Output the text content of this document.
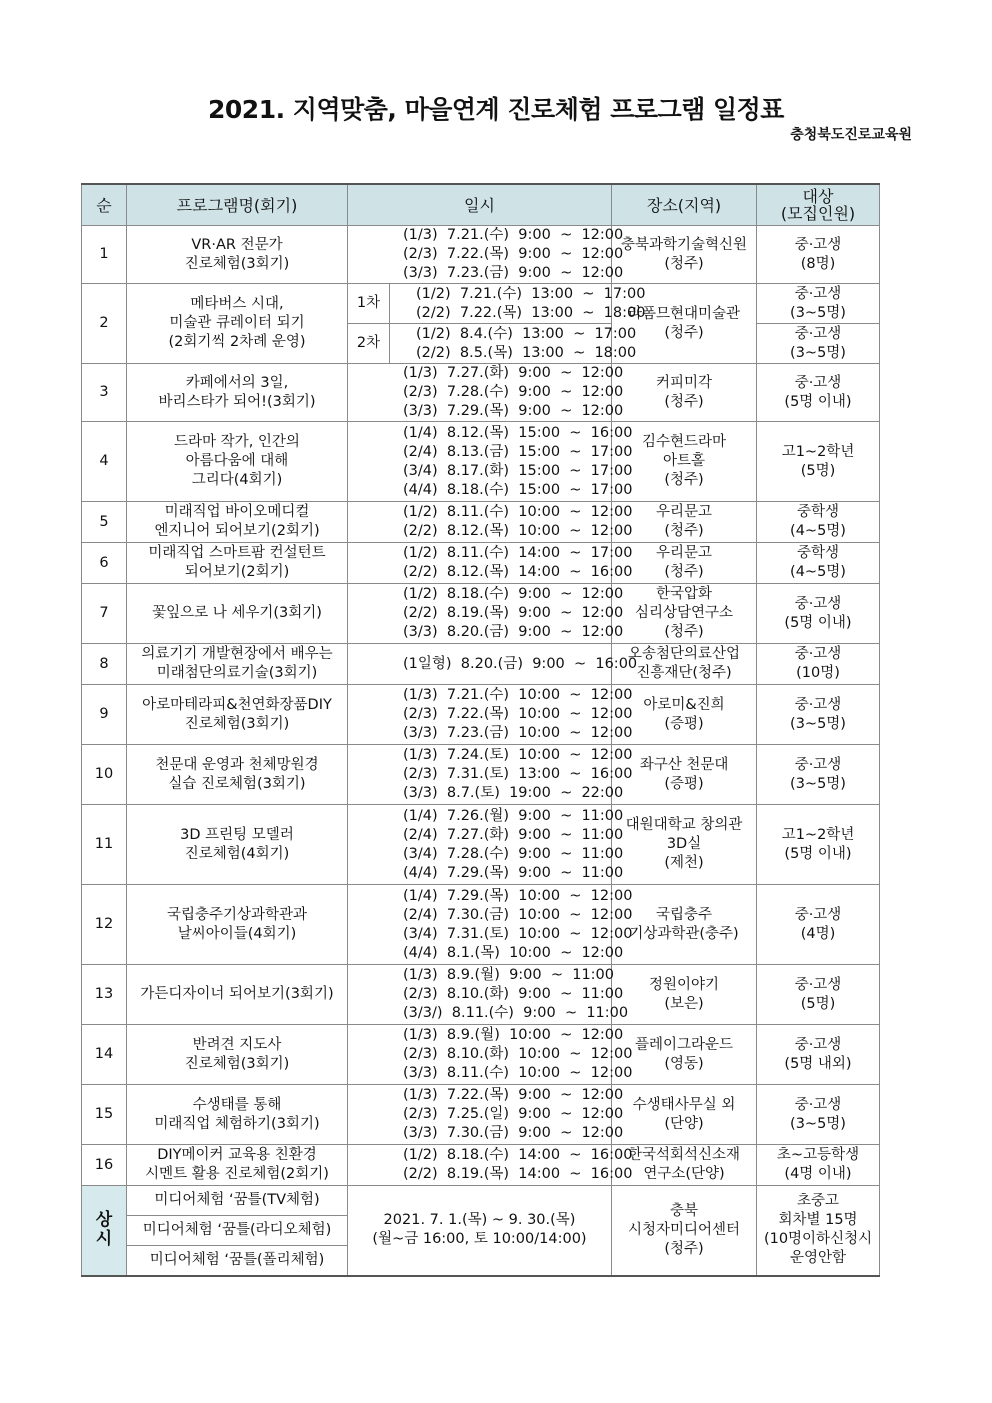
2021. 지역맞춤, 마을연계 진로체험 프로그램 일정표
충청북도진로교육원
순	프로그램명(회기)	일시		장소(지역)	대상
(모집인원)

1	VR·AR 전문가
진로체험(3회기)	(1/3)  7.21.(수)  9:00  ~  12:00
(2/3)  7.22.(목)  9:00  ~  12:00
(3/3)  7.23.(금)  9:00  ~  12:00		충북과학기술혁신원
(청주)	중·고생
(8명)

2	메타버스 시대,
미술관 큐레이터 되기
(2회기씩 2차례 운영)	1차	(1/2)  7.21.(수)  13:00  ~  17:00
(2/2)  7.22.(목)  13:00  ~  18:00	라폼므현대미술관
(청주)	중·고생
(3~5명)

		2차	(1/2)  8.4.(수)  13:00  ~  17:00
(2/2)  8.5.(목)  13:00  ~  18:00		중·고생
(3~5명)

3	카페에서의 3일,
바리스타가 되어!(3회기)	(1/3)  7.27.(화)  9:00  ~  12:00
(2/3)  7.28.(수)  9:00  ~  12:00
(3/3)  7.29.(목)  9:00  ~  12:00		커피미각
(청주)	중·고생
(5명 이내)

4	드라마 작가, 인간의
아름다움에 대해
그리다(4회기)	(1/4)  8.12.(목)  15:00  ~  16:00
(2/4)  8.13.(금)  15:00  ~  17:00
(3/4)  8.17.(화)  15:00  ~  17:00
(4/4)  8.18.(수)  15:00  ~  17:00		김수현드라마
아트홀
(청주)	고1~2학년
(5명)

5	미래직업 바이오메디컬
엔지니어 되어보기(2회기)	(1/2)  8.11.(수)  10:00  ~  12:00
(2/2)  8.12.(목)  10:00  ~  12:00		우리문고
(청주)	중학생
(4~5명)

6	미래직업 스마트팜 컨설턴트
되어보기(2회기)	(1/2)  8.11.(수)  14:00  ~  17:00
(2/2)  8.12.(목)  14:00  ~  16:00		우리문고
(청주)	중학생
(4~5명)

7	꽃잎으로 나 세우기(3회기)	(1/2)  8.18.(수)  9:00  ~  12:00
(2/2)  8.19.(목)  9:00  ~  12:00
(3/3)  8.20.(금)  9:00  ~  12:00		한국압화
심리상담연구소
(청주)	중·고생
(5명 이내)

8	의료기기 개발현장에서 배우는
미래첨단의료기술(3회기)	(1일형)  8.20.(금)  9:00  ~  16:00		오송첨단의료산업
진흥재단(청주)	중·고생
(10명)

9	아로마테라피&천연화장품DIY
진로체험(3회기)	(1/3)  7.21.(수)  10:00  ~  12:00
(2/3)  7.22.(목)  10:00  ~  12:00
(3/3)  7.23.(금)  10:00  ~  12:00		아로미&진희
(증평)	중·고생
(3~5명)

10	천문대 운영과 천체망원경
실습 진로체험(3회기)	(1/3)  7.24.(토)  10:00  ~  12:00
(2/3)  7.31.(토)  13:00  ~  16:00
(3/3)  8.7.(토)  19:00  ~  22:00		좌구산 천문대
(증평)	중·고생
(3~5명)

11	3D 프린팅 모델러
진로체험(4회기)	(1/4)  7.26.(월)  9:00  ~  11:00
(2/4)  7.27.(화)  9:00  ~  11:00
(3/4)  7.28.(수)  9:00  ~  11:00
(4/4)  7.29.(목)  9:00  ~  11:00		대원대학교 창의관
3D실
(제천)	고1~2학년
(5명 이내)

12	국립충주기상과학관과
날씨아이들(4회기)	(1/4)  7.29.(목)  10:00  ~  12:00
(2/4)  7.30.(금)  10:00  ~  12:00
(3/4)  7.31.(토)  10:00  ~  12:00
(4/4)  8.1.(목)  10:00  ~  12:00		국립충주
기상과학관(충주)	중·고생
(4명)

13	가든디자이너 되어보기(3회기)	(1/3)  8.9.(월)  9:00  ~  11:00
(2/3)  8.10.(화)  9:00  ~  11:00
(3/3/)  8.11.(수)  9:00  ~  11:00		정원이야기
(보은)	중·고생
(5명)

14	반려견 지도사
진로체험(3회기)	(1/3)  8.9.(월)  10:00  ~  12:00
(2/3)  8.10.(화)  10:00  ~  12:00
(3/3)  8.11.(수)  10:00  ~  12:00		플레이그라운드
(영동)	중·고생
(5명 내외)

15	수생태를 통해
미래직업 체험하기(3회기)	(1/3)  7.22.(목)  9:00  ~  12:00
(2/3)  7.25.(일)  9:00  ~  12:00
(3/3)  7.30.(금)  9:00  ~  12:00		수생태사무실 외
(단양)	중·고생
(3~5명)

16	DIY메이커 교육용 친환경
시멘트 활용 진로체험(2회기)	(1/2)  8.18.(수)  14:00  ~  16:00
(2/2)  8.19.(목)  14:00  ~  16:00		한국석회석신소재
연구소(단양)	초~고등학생
(4명 이내)

상
시	미디어체험 ‘꿈틀(TV체험)	2021. 7. 1.(목) ~ 9. 30.(목)
(월~금 16:00, 토 10:00/14:00)		충북
시청자미디어센터
(청주)	초중고
회차별 15명
(10명이하신청시
운영안함

	미디어체험 ‘꿈틀(라디오체험)				
	미디어체험 ‘꿈틀(폴리체험)				
